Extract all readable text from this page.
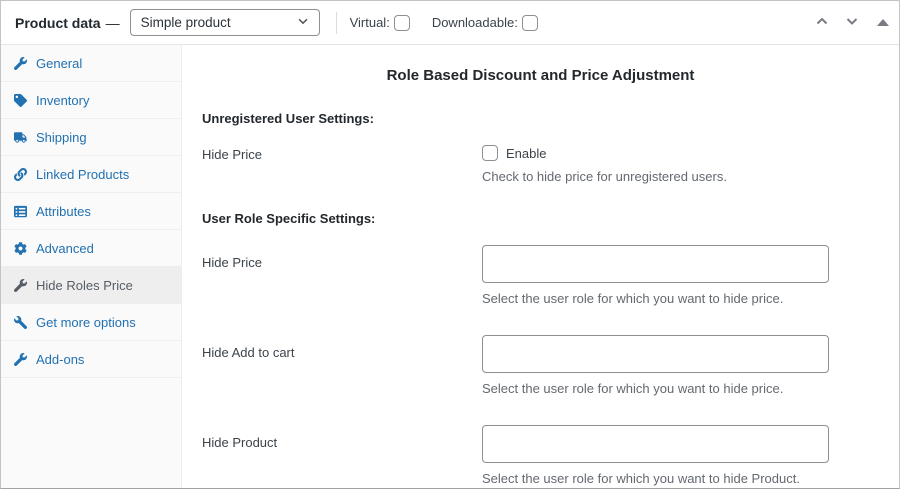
Product data — Simple product	Virtual:	Downloadable:
General
Inventory
Shipping
Linked Products
Attributes
Advanced
Hide Roles Price
Get more options
Add-ons
Role Based Discount and Price Adjustment
Unregistered User Settings:
Hide Price	Enable
Check to hide price for unregistered users.
User Role Specific Settings:
Hide Price
Select the user role for which you want to hide price.
Hide Add to cart
Select the user role for which you want to hide price.
Hide Product
Select the user role for which you want to hide Product.
